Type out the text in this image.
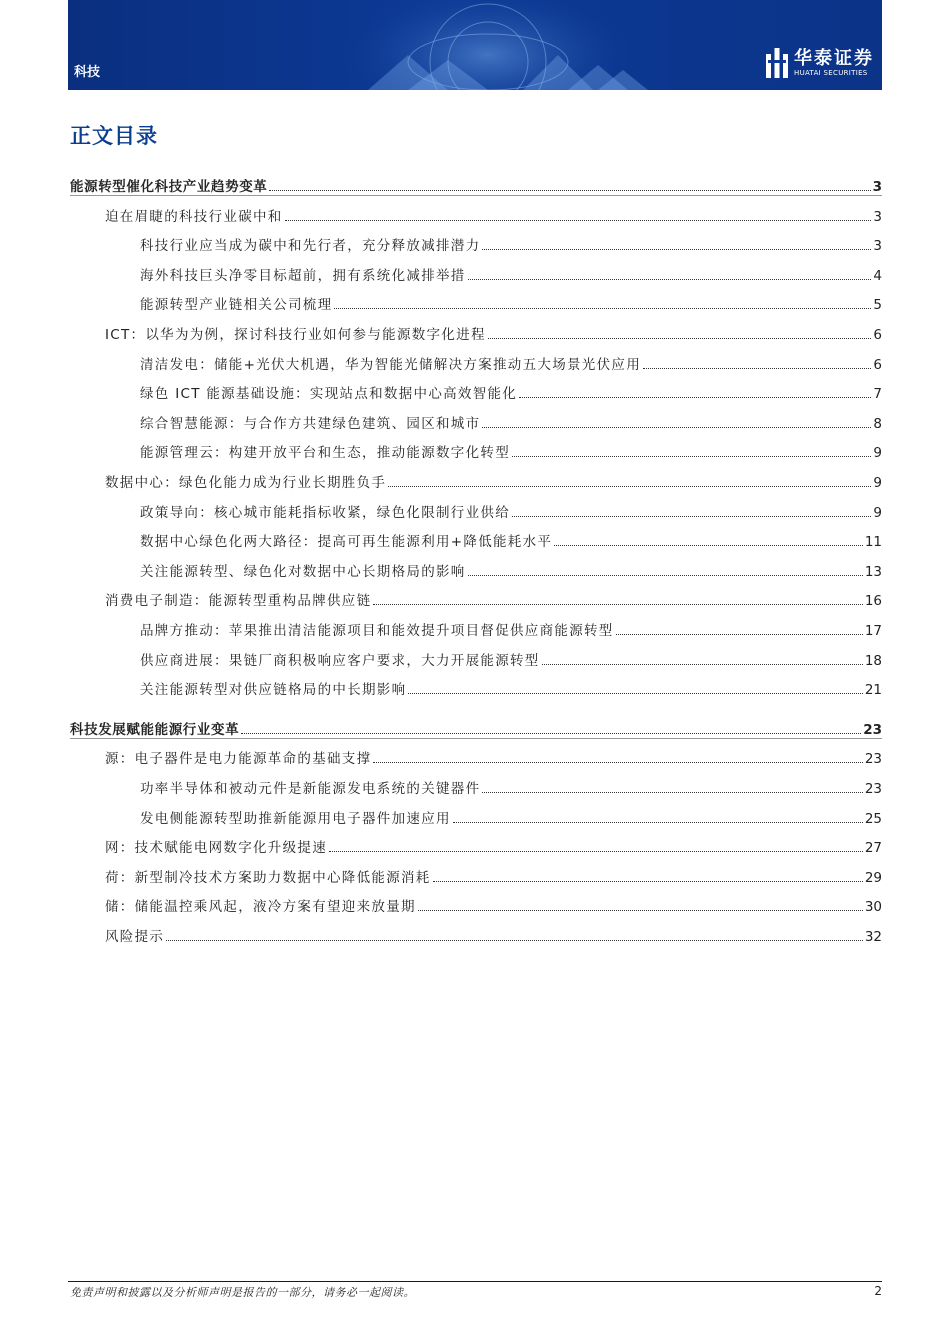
科技
华泰证券
HUATAI SECURITIES
正文目录
能源转型催化科技产业趋势变革	3
迫在眉睫的科技行业碳中和	3
科技行业应当成为碳中和先行者，充分释放减排潜力	3
海外科技巨头净零目标超前，拥有系统化减排举措	4
能源转型产业链相关公司梳理	5
ICT：以华为为例，探讨科技行业如何参与能源数字化进程	6
清洁发电：储能+光伏大机遇，华为智能光储解决方案推动五大场景光伏应用	6
绿色 ICT 能源基础设施：实现站点和数据中心高效智能化	7
综合智慧能源：与合作方共建绿色建筑、园区和城市	8
能源管理云：构建开放平台和生态，推动能源数字化转型	9
数据中心：绿色化能力成为行业长期胜负手	9
政策导向：核心城市能耗指标收紧，绿色化限制行业供给	9
数据中心绿色化两大路径：提高可再生能源利用+降低能耗水平	11
关注能源转型、绿色化对数据中心长期格局的影响	13
消费电子制造：能源转型重构品牌供应链	16
品牌方推动：苹果推出清洁能源项目和能效提升项目督促供应商能源转型	17
供应商进展：果链厂商积极响应客户要求，大力开展能源转型	18
关注能源转型对供应链格局的中长期影响	21
科技发展赋能能源行业变革	23
源：电子器件是电力能源革命的基础支撑	23
功率半导体和被动元件是新能源发电系统的关键器件	23
发电侧能源转型助推新能源用电子器件加速应用	25
网：技术赋能电网数字化升级提速	27
荷：新型制冷技术方案助力数据中心降低能源消耗	29
储：储能温控乘风起，液冷方案有望迎来放量期	30
风险提示	32
免责声明和披露以及分析师声明是报告的一部分，请务必一起阅读。	2
